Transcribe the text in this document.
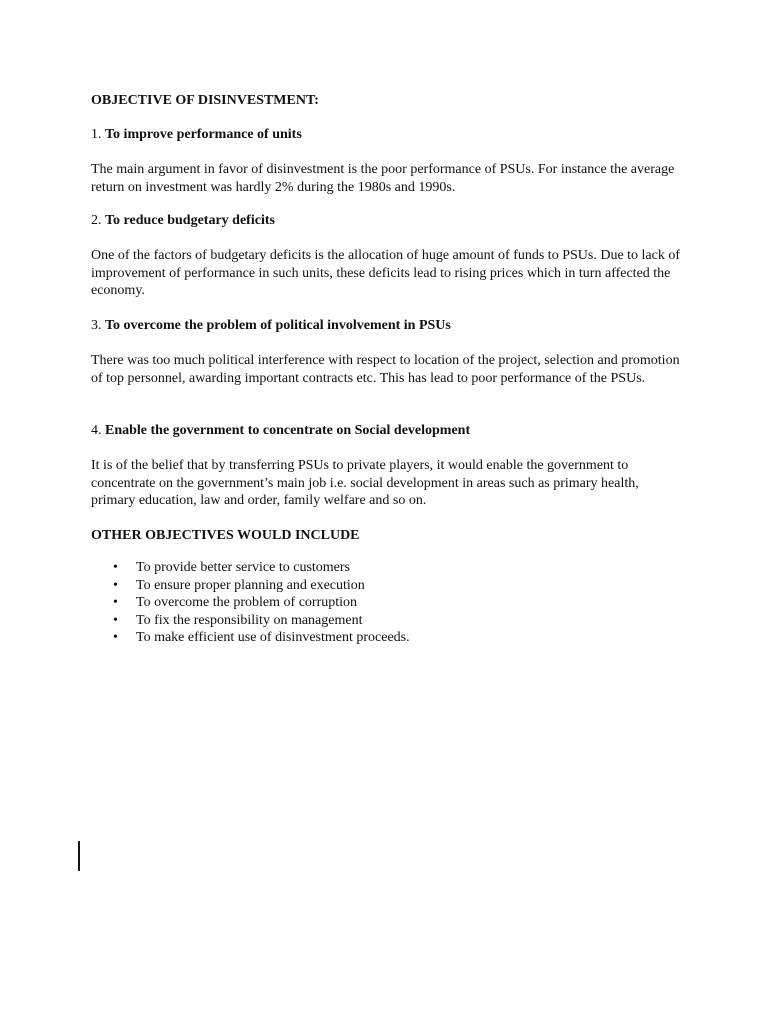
OBJECTIVE OF DISINVESTMENT:

1. To improve performance of units

The main argument in favor of disinvestment is the poor performance of PSUs. For instance the average return on investment was hardly 2% during the 1980s and 1990s.

2. To reduce budgetary deficits

One of the factors of budgetary deficits is the allocation of huge amount of funds to PSUs. Due to lack of improvement of performance in such units, these deficits lead to rising prices which in turn affected the economy.

3. To overcome the problem of political involvement in PSUs

There was too much political interference with respect to location of the project, selection and promotion of top personnel, awarding important contracts etc. This has lead to poor performance of the PSUs.

4. Enable the government to concentrate on Social development

It is of the belief that by transferring PSUs to private players, it would enable the government to concentrate on the government’s main job i.e. social development in areas such as primary health, primary education, law and order, family welfare and so on.

OTHER OBJECTIVES WOULD INCLUDE

• To provide better service to customers
• To ensure proper planning and execution
• To overcome the problem of corruption
• To fix the responsibility on management
• To make efficient use of disinvestment proceeds.
